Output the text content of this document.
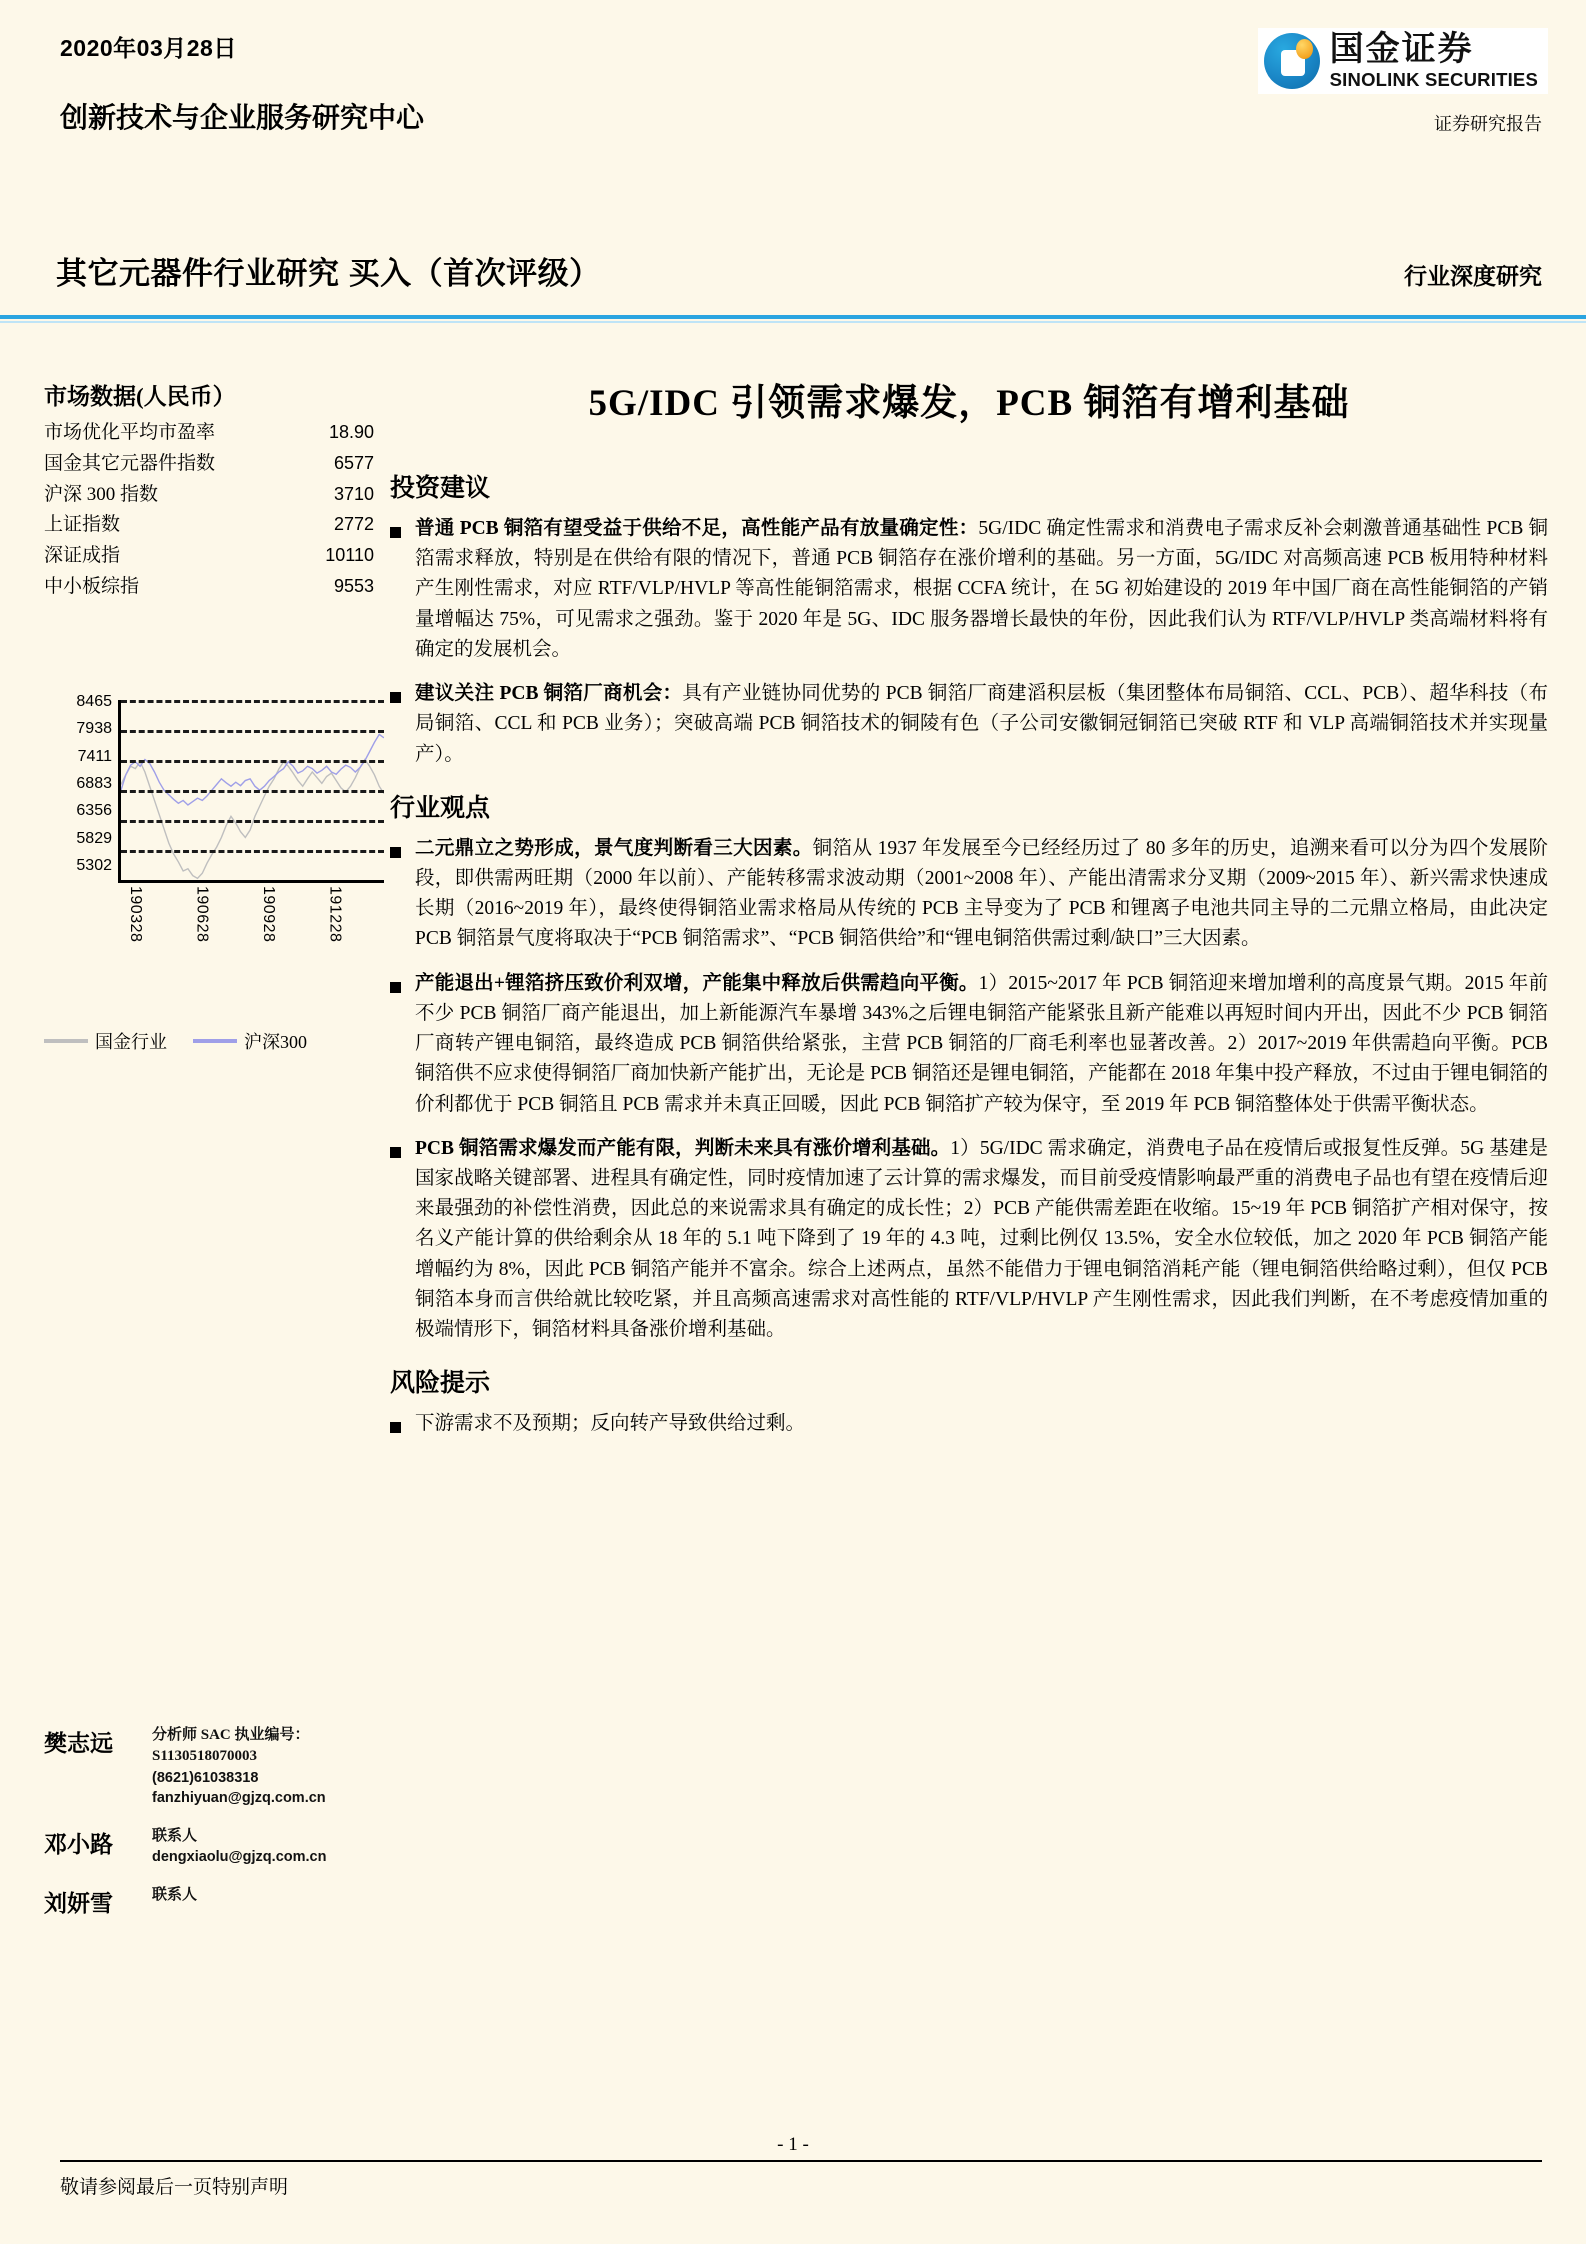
2020年03月28日
创新技术与企业服务研究中心
国金证券
SINOLINK SECURITIES
证券研究报告
其它元器件行业研究 买入（首次评级）	行业深度研究
市场数据(人民币）
市场优化平均市盈率	18.90
国金其它元器件指数	6577
沪深 300 指数	3710
上证指数	2772
深证成指	10110
中小板综指	9553
8465
7938
7411
6883
6356
5829
5302
190328	190628	190928	191228
国金行业	沪深300
樊志远	分析师 SAC 执业编号：S1130518070003
(8621)61038318
fanzhiyuan@gjzq.com.cn
邓小路	联系人
dengxiaolu@gjzq.com.cn
刘妍雪	联系人
5G/IDC 引领需求爆发，PCB 铜箔有增利基础
投资建议
普通 PCB 铜箔有望受益于供给不足，高性能产品有放量确定性：5G/IDC 确定性需求和消费电子需求反补会刺激普通基础性 PCB 铜箔需求释放，特别是在供给有限的情况下，普通 PCB 铜箔存在涨价增利的基础。另一方面，5G/IDC 对高频高速 PCB 板用特种材料产生刚性需求，对应 RTF/VLP/HVLP 等高性能铜箔需求，根据 CCFA 统计，在 5G 初始建设的 2019 年中国厂商在高性能铜箔的产销量增幅达 75%，可见需求之强劲。鉴于 2020 年是 5G、IDC 服务器增长最快的年份，因此我们认为 RTF/VLP/HVLP 类高端材料将有确定的发展机会。
建议关注 PCB 铜箔厂商机会：具有产业链协同优势的 PCB 铜箔厂商建滔积层板（集团整体布局铜箔、CCL、PCB）、超华科技（布局铜箔、CCL 和 PCB 业务）；突破高端 PCB 铜箔技术的铜陵有色（子公司安徽铜冠铜箔已突破 RTF 和 VLP 高端铜箔技术并实现量产）。
行业观点
二元鼎立之势形成，景气度判断看三大因素。铜箔从 1937 年发展至今已经经历过了 80 多年的历史，追溯来看可以分为四个发展阶段，即供需两旺期（2000 年以前）、产能转移需求波动期（2001~2008 年）、产能出清需求分叉期（2009~2015 年）、新兴需求快速成长期（2016~2019 年），最终使得铜箔业需求格局从传统的 PCB 主导变为了 PCB 和锂离子电池共同主导的二元鼎立格局，由此决定 PCB 铜箔景气度将取决于“PCB 铜箔需求”、“PCB 铜箔供给”和“锂电铜箔供需过剩/缺口”三大因素。
产能退出+锂箔挤压致价利双增，产能集中释放后供需趋向平衡。1）2015~2017 年 PCB 铜箔迎来增加增利的高度景气期。2015 年前不少 PCB 铜箔厂商产能退出，加上新能源汽车暴增 343%之后锂电铜箔产能紧张且新产能难以再短时间内开出，因此不少 PCB 铜箔厂商转产锂电铜箔，最终造成 PCB 铜箔供给紧张，主营 PCB 铜箔的厂商毛利率也显著改善。2）2017~2019 年供需趋向平衡。PCB 铜箔供不应求使得铜箔厂商加快新产能扩出，无论是 PCB 铜箔还是锂电铜箔，产能都在 2018 年集中投产释放，不过由于锂电铜箔的价利都优于 PCB 铜箔且 PCB 需求并未真正回暖，因此 PCB 铜箔扩产较为保守，至 2019 年 PCB 铜箔整体处于供需平衡状态。
PCB 铜箔需求爆发而产能有限，判断未来具有涨价增利基础。1）5G/IDC 需求确定，消费电子品在疫情后或报复性反弹。5G 基建是国家战略关键部署、进程具有确定性，同时疫情加速了云计算的需求爆发，而目前受疫情影响最严重的消费电子品也有望在疫情后迎来最强劲的补偿性消费，因此总的来说需求具有确定的成长性；2）PCB 产能供需差距在收缩。15~19 年 PCB 铜箔扩产相对保守，按名义产能计算的供给剩余从 18 年的 5.1 吨下降到了 19 年的 4.3 吨，过剩比例仅 13.5%，安全水位较低，加之 2020 年 PCB 铜箔产能增幅约为 8%，因此 PCB 铜箔产能并不富余。综合上述两点，虽然不能借力于锂电铜箔消耗产能（锂电铜箔供给略过剩），但仅 PCB 铜箔本身而言供给就比较吃紧，并且高频高速需求对高性能的 RTF/VLP/HVLP 产生刚性需求，因此我们判断，在不考虑疫情加重的极端情形下，铜箔材料具备涨价增利基础。
风险提示
下游需求不及预期；反向转产导致供给过剩。
- 1 -
敬请参阅最后一页特别声明
